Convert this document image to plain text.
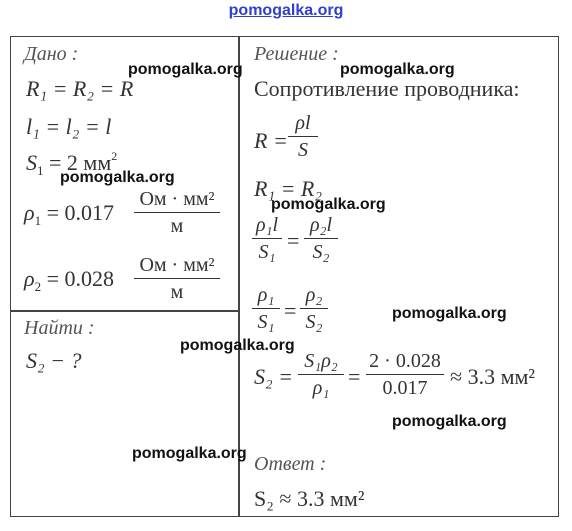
pomogalka.org
Дано :
R₁ = R₂ = R
l₁ = l₂ = l
$S_1 = 2$ $мм^2$
$\rho_1 = 0.017$
Ом · мм²
м
$\rho_2 = 0.028$
Ом · мм²
м
Найти :
S₂ − ?
Решение :
Сопротивление проводника:
R =
ρl
S
R₁ = R₂
ρ₁l
S₁ =
ρ₂l
S₂
ρ₁
S₁ =
ρ₂
S₂
S₂ =
S₁ρ₂
ρ₁ =
2 · 0.028
0.017	≈ 3.3 мм²
Ответ :
S₂ ≈ 3.3 мм²
pomogalka.org	pomogalka.org
pomogalka.org
pomogalka.org
pomogalka.org
pomogalka.org
pomogalka.org
pomogalka.org
